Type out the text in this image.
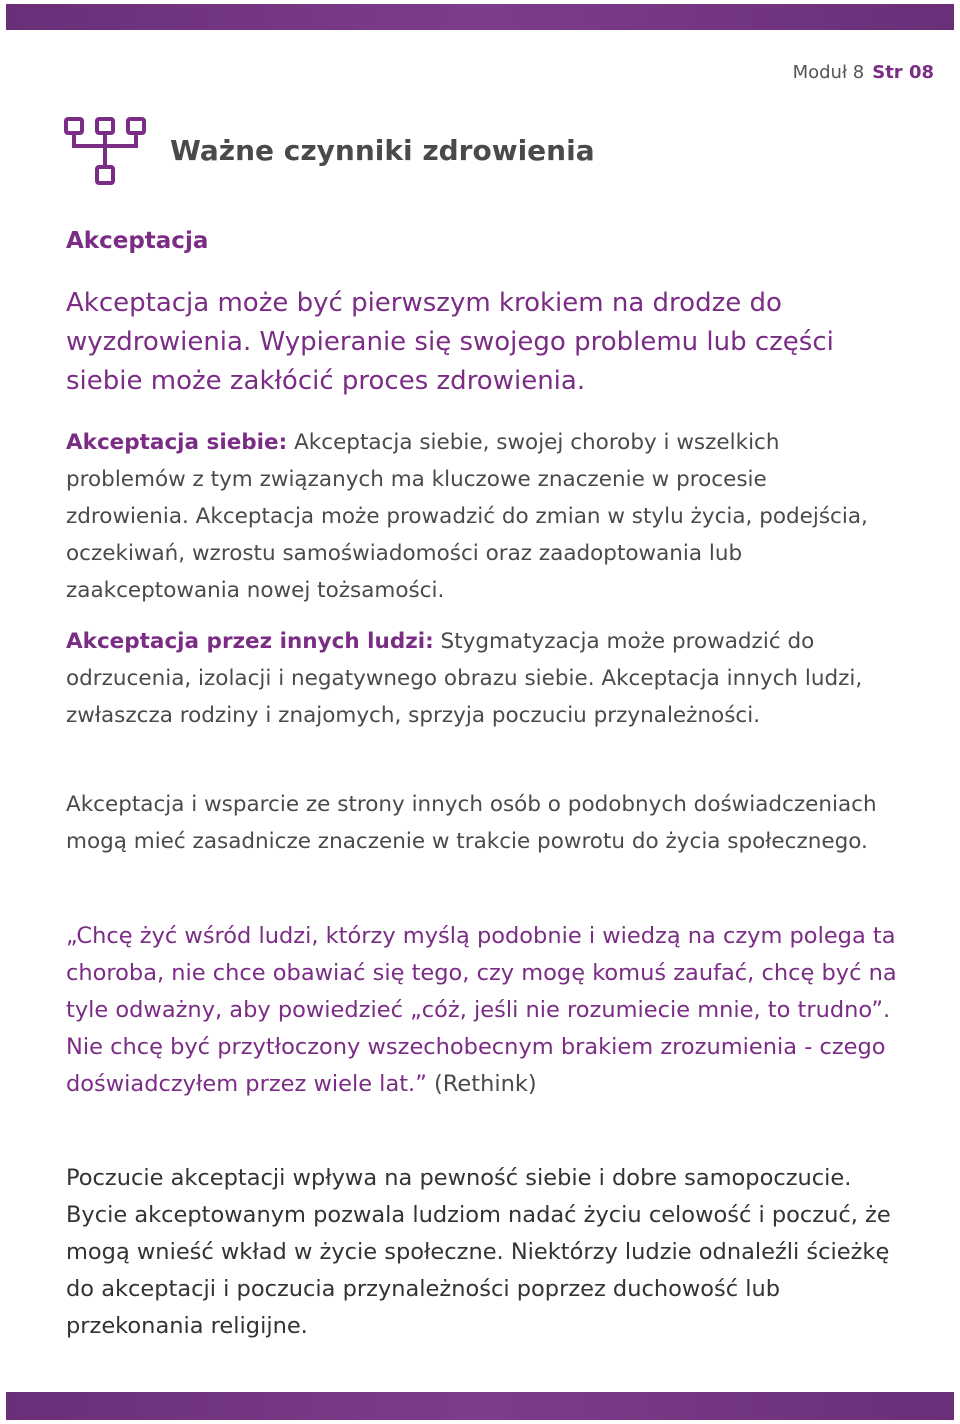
Moduł 8 Str 08
Ważne czynniki zdrowienia
Akceptacja

Akceptacja może być pierwszym krokiem na drodze do wyzdrowienia. Wypieranie się swojego problemu lub części siebie może zakłócić proces zdrowienia.

Akceptacja siebie: Akceptacja siebie, swojej choroby i wszelkich problemów z tym związanych ma kluczowe znaczenie w procesie zdrowienia. Akceptacja może prowadzić do zmian w stylu życia, podejścia, oczekiwań, wzrostu samoświadomości oraz zaadoptowania lub zaakceptowania nowej tożsamości.

Akceptacja przez innych ludzi: Stygmatyzacja może prowadzić do odrzucenia, izolacji i negatywnego obrazu siebie. Akceptacja innych ludzi, zwłaszcza rodziny i znajomych, sprzyja poczuciu przynależności.

Akceptacja i wsparcie ze strony innych osób o podobnych doświadczeniach mogą mieć zasadnicze znaczenie w trakcie powrotu do życia społecznego.

„Chcę żyć wśród ludzi, którzy myślą podobnie i wiedzą na czym polega ta choroba, nie chce obawiać się tego, czy mogę komuś zaufać, chcę być na tyle odważny, aby powiedzieć „cóż, jeśli nie rozumiecie mnie, to trudno”. Nie chcę być przytłoczony wszechobecnym brakiem zrozumienia - czego doświadczyłem przez wiele lat.” (Rethink)

Poczucie akceptacji wpływa na pewność siebie i dobre samopoczucie. Bycie akceptowanym pozwala ludziom nadać życiu celowość i poczuć, że mogą wnieść wkład w życie społeczne. Niektórzy ludzie odnaleźli ścieżkę do akceptacji i poczucia przynależności poprzez duchowość lub przekonania religijne.
